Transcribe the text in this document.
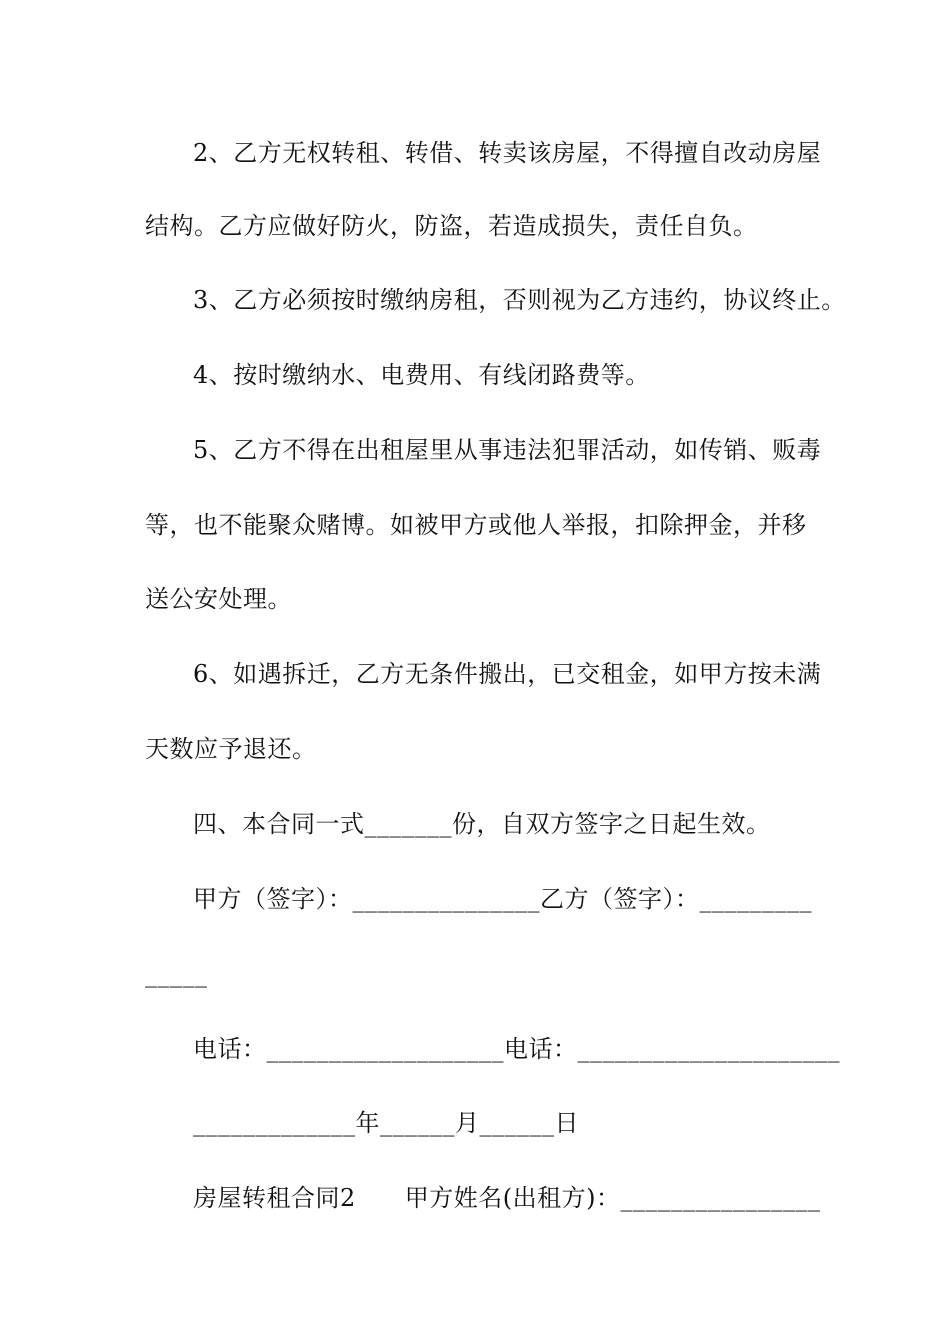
2、乙方无权转租、转借、转卖该房屋，不得擅自改动房屋
结构。乙方应做好防火，防盗，若造成损失，责任自负。
3、乙方必须按时缴纳房租，否则视为乙方违约，协议终止。
4、按时缴纳水、电费用、有线闭路费等。
5、乙方不得在出租屋里从事违法犯罪活动，如传销、贩毒
等，也不能聚众赌博。如被甲方或他人举报，扣除押金，并移
送公安处理。
6、如遇拆迁，乙方无条件搬出，已交租金，如甲方按未满
天数应予退还。
四、本合同一式_______份，自双方签字之日起生效。
甲方（签字）：_______________乙方（签字）：_________
_____
电话：___________________电话：_____________________
_____________年______月______日
房屋转租合同2　　甲方姓名(出租方)：________________
